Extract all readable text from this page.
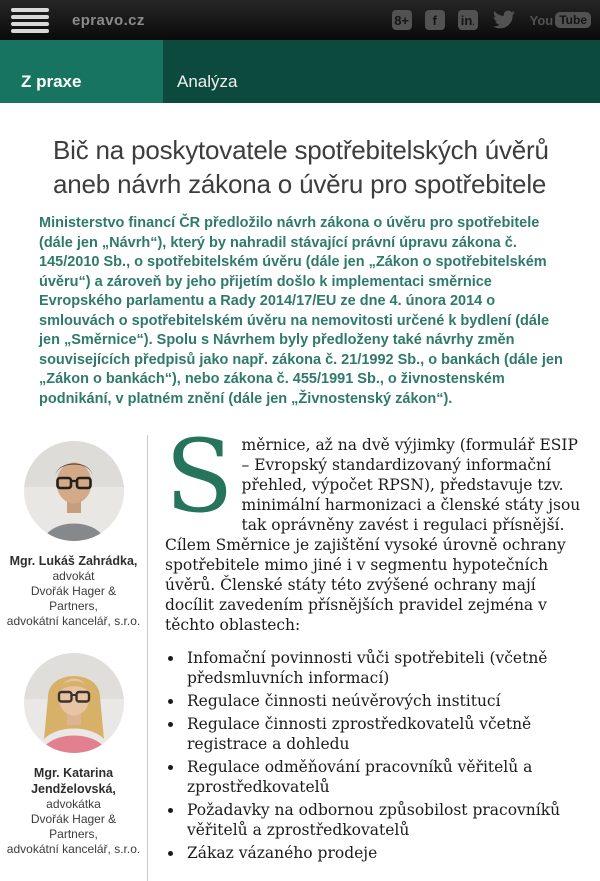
epravo.cz	8+	f	in .	You Tube
Z praxe	Analýza
Bič na poskytovatele spotřebitelských úvěrů
aneb návrh zákona o úvěru pro spotřebitele

Ministerstvo financí ČR předložilo návrh zákona o úvěru pro spotřebitele (dále jen „Návrh“), který by nahradil stávající právní úpravu zákona č. 145/2010 Sb., o spotřebitelském úvěru (dále jen „Zákon o spotřebitelském úvěru“) a zároveň by jeho přijetím došlo k implementaci směrnice Evropského parlamentu a Rady 2014/17/EU ze dne 4. února 2014 o smlouvách o spotřebitelském úvěru na nemovitosti určené k bydlení (dále jen „Směrnice“). Spolu s Návrhem byly předloženy také návrhy změn souvisejících předpisů jako např. zákona č. 21/1992 Sb., o bankách (dále jen „Zákon o bankách“), nebo zákona č. 455/1991 Sb., o živnostenském podnikání, v platném znění (dále jen „Živnostenský zákon“).

Mgr. Lukáš Zahrádka,
advokát
Dvořák Hager & Partners,
advokátní kancelář, s.r.o.
Mgr. Katarina Jendželovská,
advokátka
Dvořák Hager & Partners,
advokátní kancelář, s.r.o.

Směrnice, až na dvě výjimky (formulář ESIP – Evropský standardizovaný informační přehled, výpočet RPSN), představuje tzv. minimální harmonizaci a členské státy jsou tak oprávněny zavést i regulaci přísnější. Cílem Směrnice je zajištění vysoké úrovně ochrany spotřebitele mimo jiné i v segmentu hypotečních úvěrů. Členské státy této zvýšené ochrany mají docílit zavedením přísnějších pravidel zejména v těchto oblastech:

• Infomační povinnosti vůči spotřebiteli (včetně předsmluvních informací)
• Regulace činnosti neúvěrových institucí
• Regulace činnosti zprostředkovatelů včetně registrace a dohledu
• Regulace odměňování pracovníků věřitelů a zprostředkovatelů
• Požadavky na odbornou způsobilost pracovníků věřitelů a zprostředkovatelů
• Zákaz vázaného prodeje
